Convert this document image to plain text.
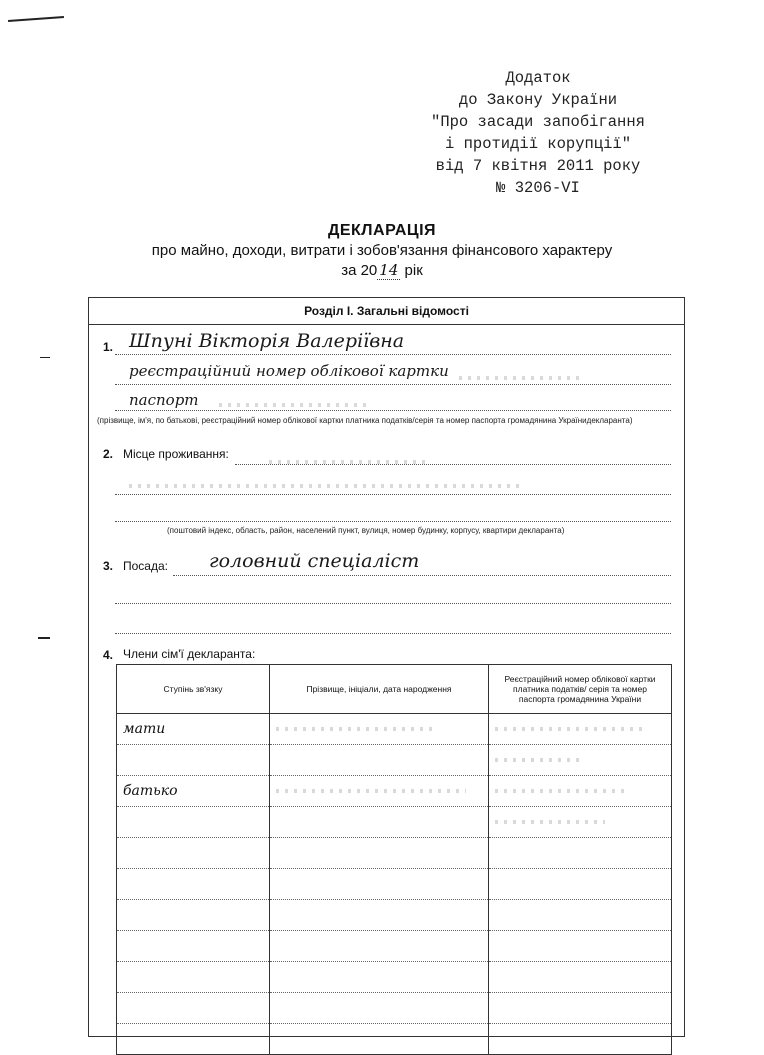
Додаток
до Закону України
"Про засади запобігання
і протидії корупції"
від 7 квітня 2011 року
№ 3206-VI
ДЕКЛАРАЦІЯ
про майно, доходи, витрати і зобов'язання фінансового характеру
за 20 14 рік
Розділ І. Загальні відомості
1. Шпуні Вікторія Валеріївна
реєстраційний номер облікової картки
паспорт
(прізвище, ім'я, по батькові, реєстраційний номер облікової картки платника податків/серія та номер паспорта громадянина Українидекларанта)
2. Місце проживання:
(поштовий індекс, область, район, населений пункт, вулиця, номер будинку, корпусу, квартири декларанта)
3. Посада: головний спеціаліст
4. Члени сім'ї декларанта:
Ступінь зв'язку	Прізвище, ініціали, дата народження	Реєстраційний номер облікової картки платника податків/ серія та номер паспорта громадянина України
мати	

батько	
